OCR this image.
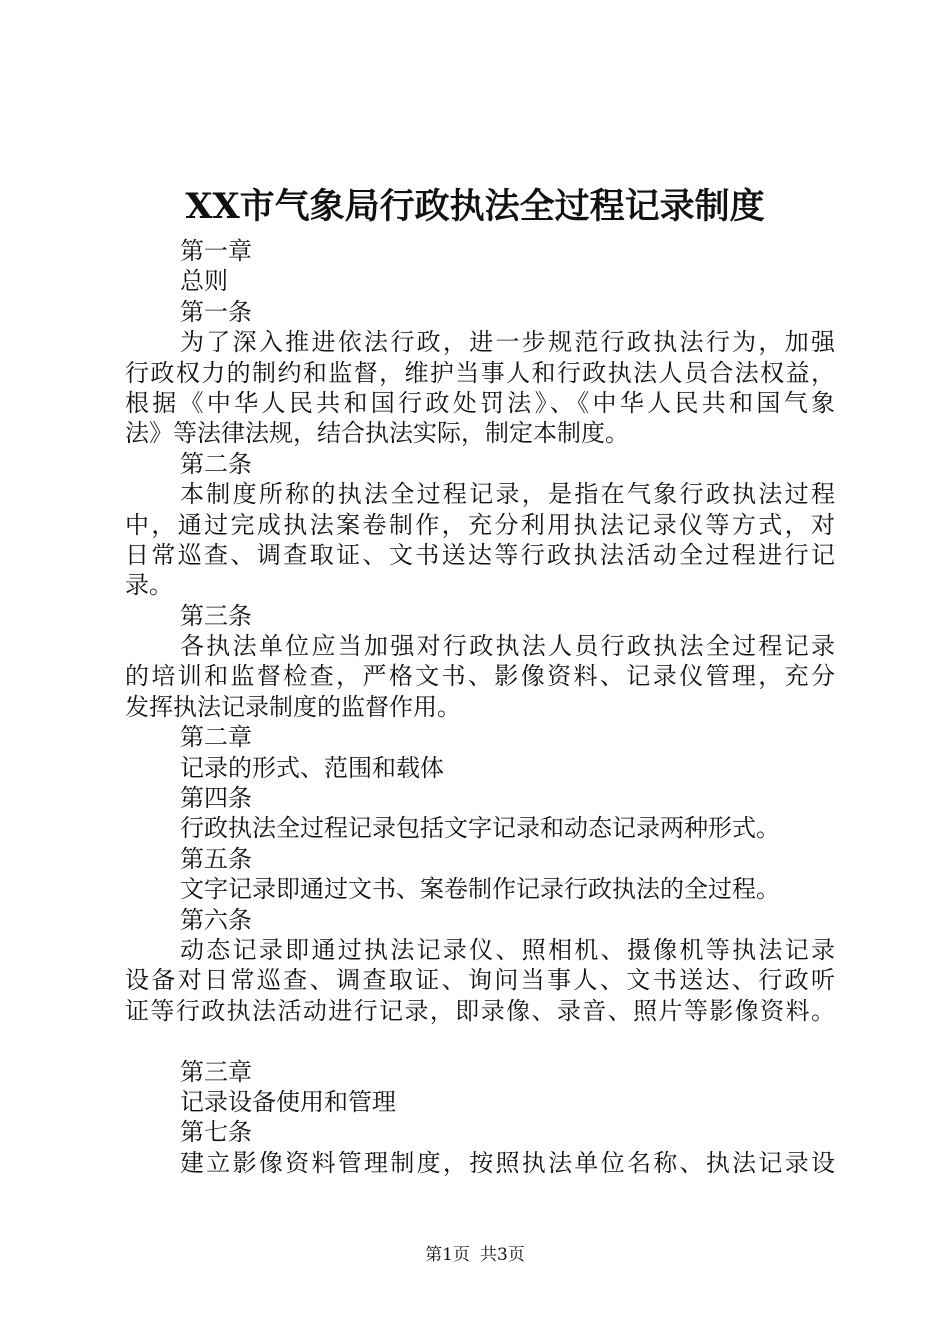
XX市气象局行政执法全过程记录制度
第一章
总则
第一条
为了深入推进依法行政，进一步规范行政执法行为，加强
行政权力的制约和监督，维护当事人和行政执法人员合法权益，
根据《中华人民共和国行政处罚法》、《中华人民共和国气象
法》等法律法规，结合执法实际，制定本制度。
第二条
本制度所称的执法全过程记录，是指在气象行政执法过程
中，通过完成执法案卷制作，充分利用执法记录仪等方式，对
日常巡查、调查取证、文书送达等行政执法活动全过程进行记
录。
第三条
各执法单位应当加强对行政执法人员行政执法全过程记录
的培训和监督检查，严格文书、影像资料、记录仪管理，充分
发挥执法记录制度的监督作用。
第二章
记录的形式、范围和载体
第四条
行政执法全过程记录包括文字记录和动态记录两种形式。
第五条
文字记录即通过文书、案卷制作记录行政执法的全过程。
第六条
动态记录即通过执法记录仪、照相机、摄像机等执法记录
设备对日常巡查、调查取证、询问当事人、文书送达、行政听
证等行政执法活动进行记录，即录像、录音、照片等影像资料。
第三章
记录设备使用和管理
第七条
建立影像资料管理制度，按照执法单位名称、执法记录设
第1页 共3页
